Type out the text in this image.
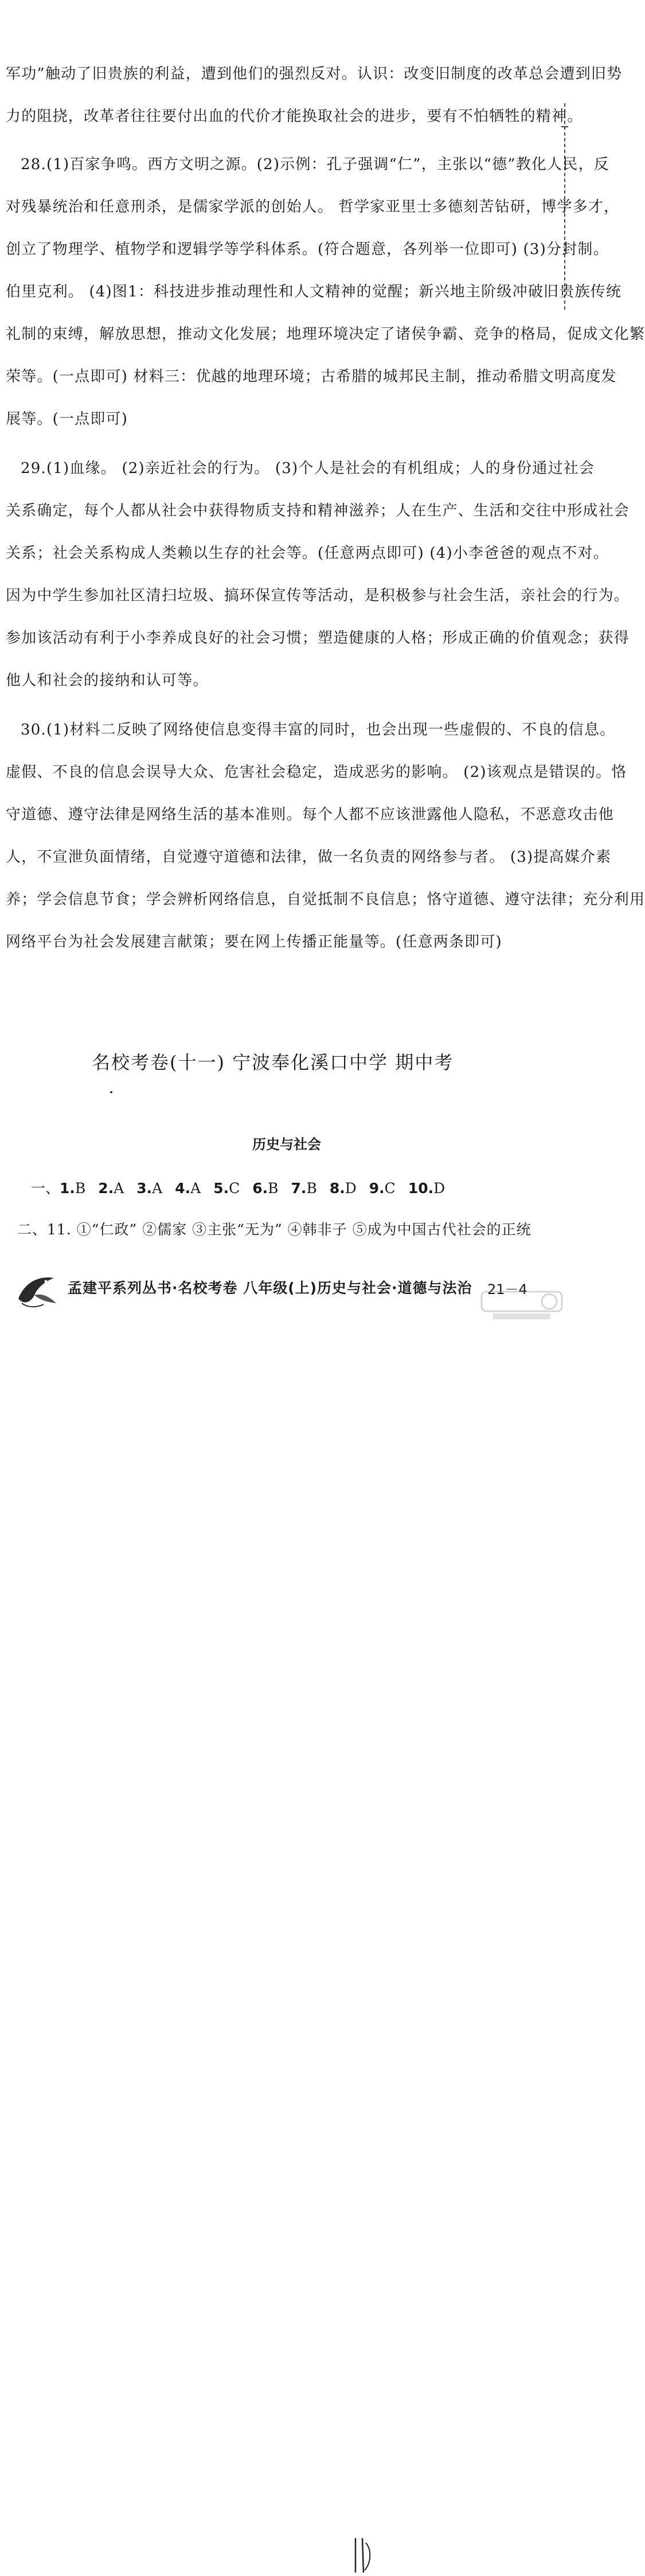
军功”触动了旧贵族的利益，遭到他们的强烈反对。认识：改变旧制度的改革总会遭到旧势
力的阻挠，改革者往往要付出血的代价才能换取社会的进步，要有不怕牺牲的精神。
28.(1)百家争鸣。西方文明之源。(2)示例：孔子强调“仁”，主张以“德”教化人民，反
对残暴统治和任意刑杀，是儒家学派的创始人。 哲学家亚里士多德刻苦钻研，博学多才，
创立了物理学、植物学和逻辑学等学科体系。(符合题意，各列举一位即可) (3)分封制。
伯里克利。 (4)图1：科技进步推动理性和人文精神的觉醒；新兴地主阶级冲破旧贵族传统
礼制的束缚，解放思想，推动文化发展；地理环境决定了诸侯争霸、竞争的格局，促成文化繁
荣等。(一点即可) 材料三：优越的地理环境；古希腊的城邦民主制，推动希腊文明高度发
展等。(一点即可)
29.(1)血缘。 (2)亲近社会的行为。 (3)个人是社会的有机组成；人的身份通过社会
关系确定，每个人都从社会中获得物质支持和精神滋养；人在生产、生活和交往中形成社会
关系；社会关系构成人类赖以生存的社会等。(任意两点即可) (4)小李爸爸的观点不对。
因为中学生参加社区清扫垃圾、搞环保宣传等活动，是积极参与社会生活，亲社会的行为。
参加该活动有利于小李养成良好的社会习惯；塑造健康的人格；形成正确的价值观念；获得
他人和社会的接纳和认可等。
30.(1)材料二反映了网络使信息变得丰富的同时，也会出现一些虚假的、不良的信息。
虚假、不良的信息会误导大众、危害社会稳定，造成恶劣的影响。 (2)该观点是错误的。恪
守道德、遵守法律是网络生活的基本准则。每个人都不应该泄露他人隐私，不恶意攻击他
人，不宣泄负面情绪，自觉遵守道德和法律，做一名负责的网络参与者。 (3)提高媒介素
养；学会信息节食；学会辨析网络信息，自觉抵制不良信息；恪守道德、遵守法律；充分利用
网络平台为社会发展建言献策；要在网上传播正能量等。(任意两条即可)
名校考卷(十一) 宁波奉化溪口中学 期中考
历史与社会
一、1.B 2.A 3.A 4.A 5.C 6.B 7.B 8.D 9.C 10.D
二、11. ①“仁政” ②儒家 ③主张“无为” ④韩非子 ⑤成为中国古代社会的正统
孟建平系列丛书·名校考卷 八年级(上)历史与社会·道德与法治 21－4
